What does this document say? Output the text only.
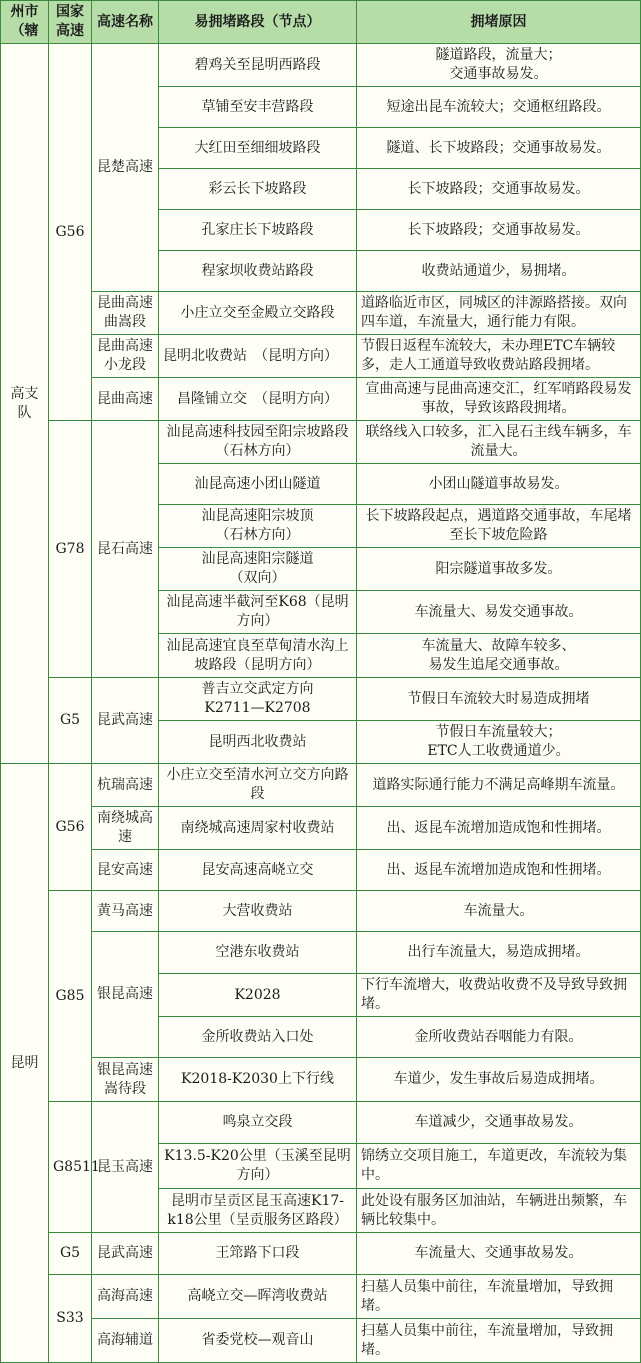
州市（辖	国家高速	高速名称	易拥堵路段（节点）	拥堵原因
高支队	G56	昆楚高速	碧鸡关至昆明西路段	隧道路段，流量大；
交通事故易发。
			草铺至安丰营路段	短途出昆车流较大；交通枢纽路段。
			大红田至细细坡路段	隧道、长下坡路段；交通事故易发。
			彩云长下坡路段	长下坡路段；交通事故易发。
			孔家庄长下坡路段	长下坡路段；交通事故易发。
			程家坝收费站路段	收费站通道少，易拥堵。
		昆曲高速曲嵩段	小庄立交至金殿立交路段	道路临近市区，同城区的沣源路搭接。双向四车道，车流量大，通行能力有限。
		昆曲高速小龙段	昆明北收费站　（昆明方向）	节假日返程车流较大，未办理ETC车辆较多，走人工通道导致收费站路段拥堵。
		昆曲高速	昌隆铺立交　（昆明方向）	宣曲高速与昆曲高速交汇，红军哨路段易发事故，导致该路段拥堵。
	G78	昆石高速	汕昆高速科技园至阳宗坡路段（石林方向）	联络线入口较多，汇入昆石主线车辆多，车流量大。
			汕昆高速小团山隧道	小团山隧道事故易发。
			汕昆高速阳宗坡顶
（石林方向）	长下坡路段起点，遇道路交通事故，车尾堵至长下坡危险路
			汕昆高速阳宗隧道
（双向）	阳宗隧道事故多发。
			汕昆高速半截河至K68（昆明方向）	车流量大、易发交通事故。
			汕昆高速宜良至草甸清水沟上坡路段（昆明方向）	车流量大、故障车较多、
易发生追尾交通事故。
	G5	昆武高速	普吉立交武定方向
K2711—K2708	节假日车流较大时易造成拥堵
			昆明西北收费站	节假日车流量较大；
ETC人工收费通道少。
昆明	G56	杭瑞高速	小庄立交至清水河立交方向路段	道路实际通行能力不满足高峰期车流量。
		南绕城高速	南绕城高速周家村收费站	出、返昆车流增加造成饱和性拥堵。
		昆安高速	昆安高速高峣立交	出、返昆车流增加造成饱和性拥堵。
	G85	黄马高速	大营收费站	车流量大。
		银昆高速	空港东收费站	出行车流量大，易造成拥堵。
			K2028	下行车流增大，收费站收费不及导致导致拥堵。
			金所收费站入口处	金所收费站吞咽能力有限。
		银昆高速嵩待段	K2018-K2030上下行线	车道少，发生事故后易造成拥堵。
	G8511	昆玉高速	鸣泉立交段	车道减少，交通事故易发。
			K13.5-K20公里（玉溪至昆明方向）	锦绣立交项目施工，车道更改，车流较为集中。
			昆明市呈贡区昆玉高速K17-k18公里（呈贡服务区路段）	此处设有服务区加油站，车辆进出频繁，车辆比较集中。
	G5	昆武高速	王筇路下口段	车流量大、交通事故易发。
	S33	高海高速	高峣立交—晖湾收费站	扫墓人员集中前往，车流量增加，导致拥堵。
		高海辅道	省委党校—观音山	扫墓人员集中前往，车流量增加，导致拥堵。
